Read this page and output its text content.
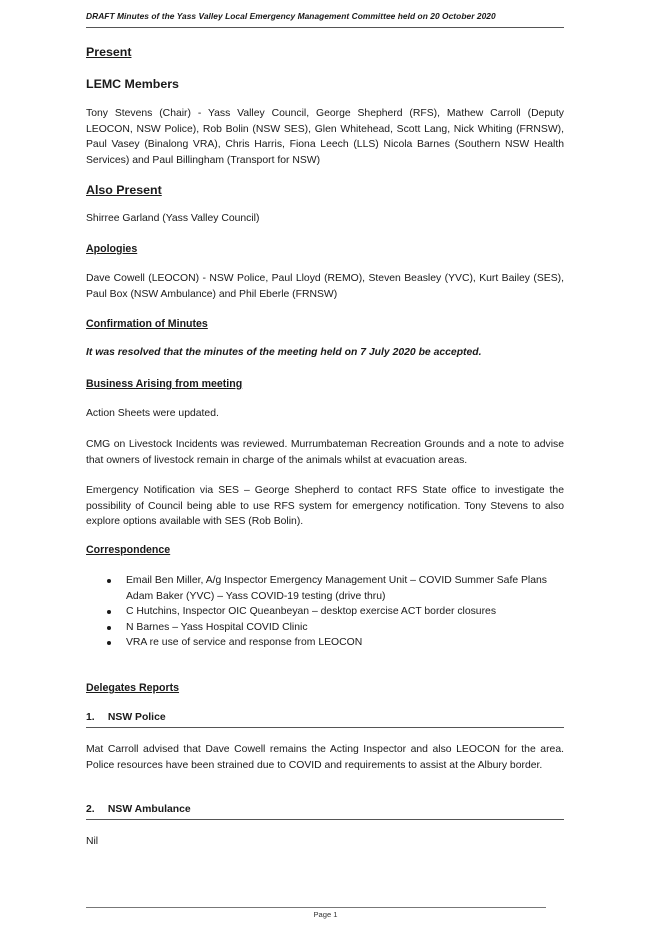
DRAFT Minutes of the Yass Valley Local Emergency Management Committee held on 20 October 2020
Present
LEMC Members
Tony Stevens (Chair) - Yass Valley Council, George Shepherd (RFS), Mathew Carroll (Deputy LEOCON, NSW Police), Rob Bolin (NSW SES), Glen Whitehead, Scott Lang, Nick Whiting (FRNSW), Paul Vasey (Binalong VRA), Chris Harris, Fiona Leech (LLS) Nicola Barnes (Southern NSW Health Services) and Paul Billingham (Transport for NSW)
Also Present
Shirree Garland (Yass Valley Council)
Apologies
Dave Cowell (LEOCON) - NSW Police, Paul Lloyd (REMO), Steven Beasley (YVC), Kurt Bailey (SES), Paul Box (NSW Ambulance) and Phil Eberle (FRNSW)
Confirmation of Minutes
It was resolved that the minutes of the meeting held on 7 July 2020 be accepted.
Business Arising from meeting
Action Sheets were updated.
CMG on Livestock Incidents was reviewed. Murrumbateman Recreation Grounds and a note to advise that owners of livestock remain in charge of the animals whilst at evacuation areas.
Emergency Notification via SES – George Shepherd to contact RFS State office to investigate the possibility of Council being able to use RFS system for emergency notification. Tony Stevens to also explore options available with SES (Rob Bolin).
Correspondence
Email Ben Miller, A/g Inspector Emergency Management Unit – COVID Summer Safe Plans
Adam Baker (YVC) – Yass COVID-19 testing (drive thru)
C Hutchins, Inspector OIC Queanbeyan – desktop exercise ACT border closures
N Barnes – Yass Hospital COVID Clinic
VRA re use of service and response from LEOCON
Delegates Reports
1. NSW Police
Mat Carroll advised that Dave Cowell remains the Acting Inspector and also LEOCON for the area. Police resources have been strained due to COVID and requirements to assist at the Albury border.
2. NSW Ambulance
Nil
Page 1
